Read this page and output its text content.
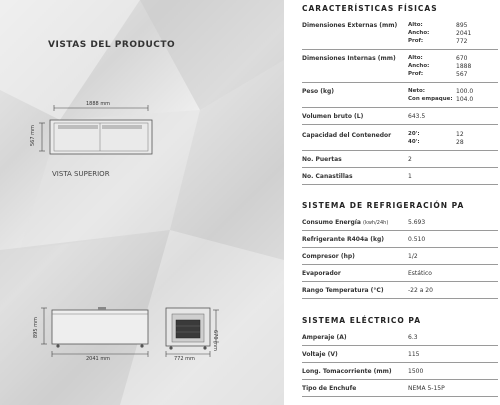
VISTAS DEL PRODUCTO
1888 mm
567 mm
VISTA SUPERIOR
895 mm
2041 mm
670 mm
772 mm
CARACTERÍSTICAS FÍSICAS
Dimensiones Externas (mm) Alto:	895
Ancho:	2041
Prof:	772
Dimensiones Internas (mm) Alto:	670
Ancho:	1888
Prof:	567
Peso (kg)	Neto:	100.0
Con empaque: 104.0
Volumen bruto (L)	643.5
Capacidad del Contenedor	20':	12
40':	28
No. Puertas	2
No. Canastillas	1
SISTEMA DE REFRIGERACIÓN PA
Consumo Energía (kwh/24h)	5.693
Refrigerante R404a (kg)	0.510
Compresor (hp)	1/2
Evaporador	Estático
Rango Temperatura (°C)	-22 a 20
SISTEMA ELÉCTRICO PA
Amperaje (A)	6.3
Voltaje (V)	115
Long. Tomacorriente (mm)	1500
Tipo de Enchufe	NEMA 5-15P
